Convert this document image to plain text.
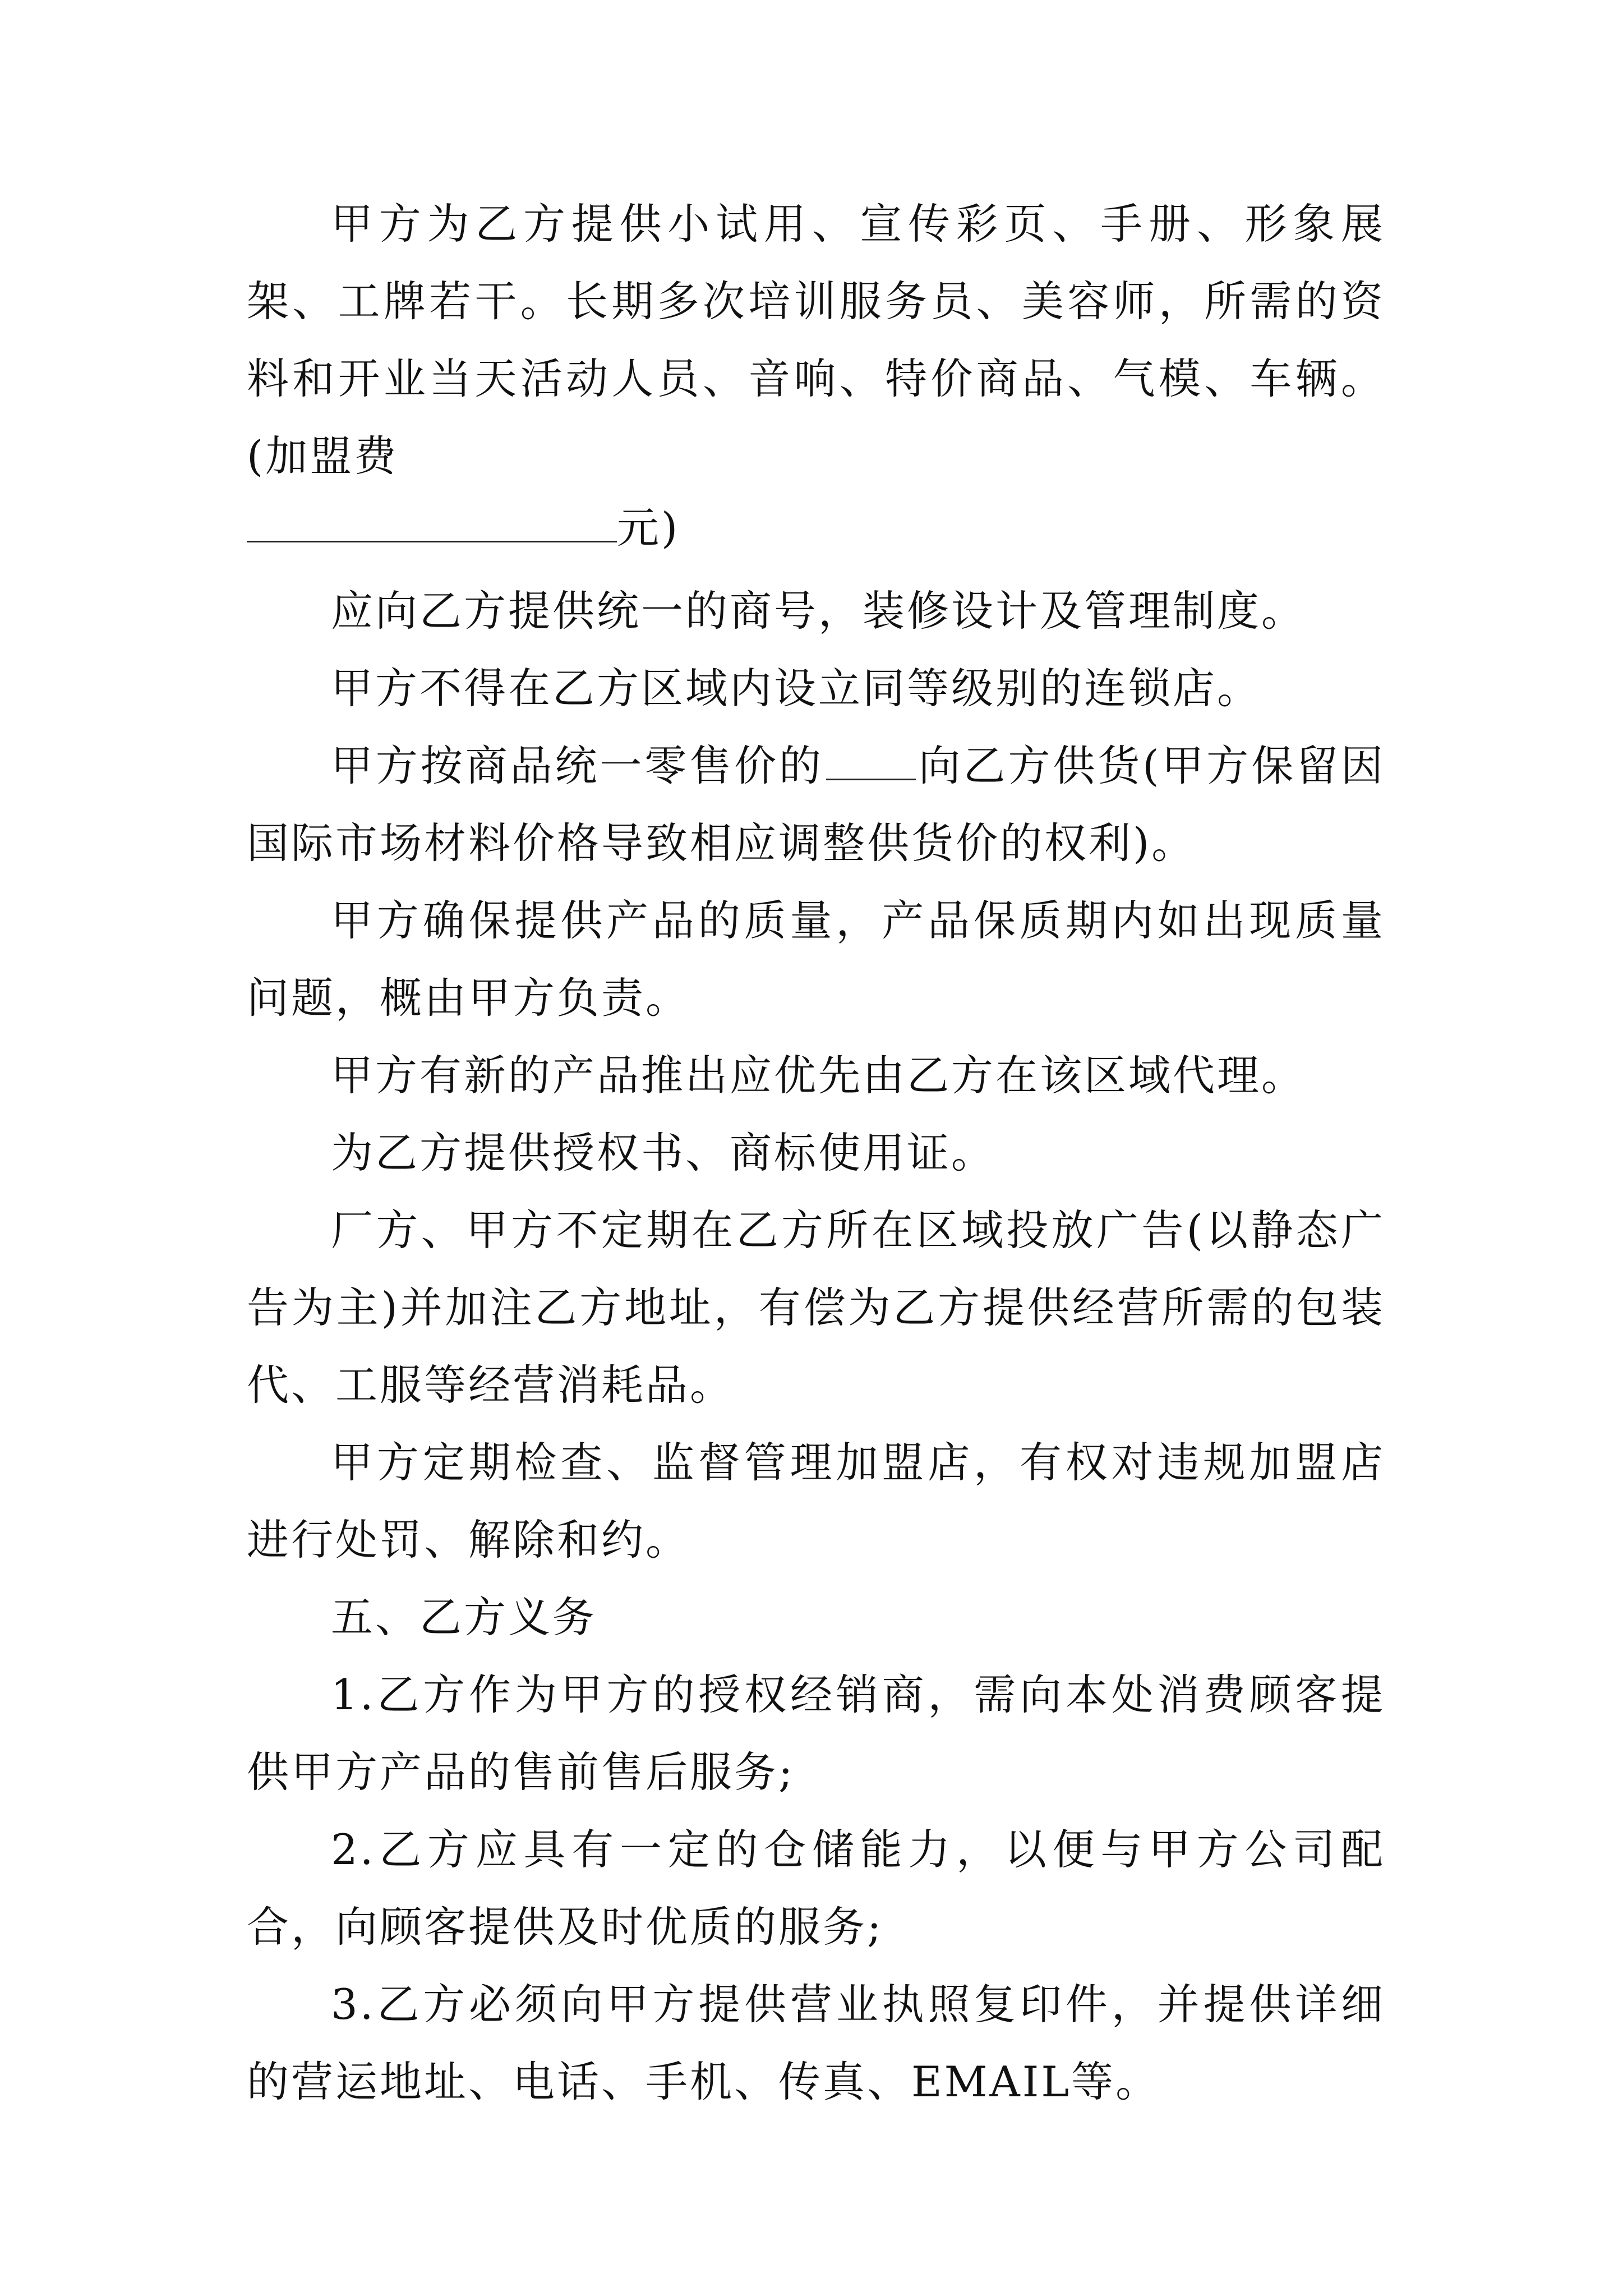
甲方为乙方提供小试用、宣传彩页、手册、形象展架、工牌若干。长期多次培训服务员、美容师，所需的资料和开业当天活动人员、音响、特价商品、气模、车辆。(加盟费

元)

应向乙方提供统一的商号，装修设计及管理制度。

甲方不得在乙方区域内设立同等级别的连锁店。

甲方按商品统一零售价的 向乙方供货(甲方保留因国际市场材料价格导致相应调整供货价的权利)。

甲方确保提供产品的质量，产品保质期内如出现质量问题，概由甲方负责。

甲方有新的产品推出应优先由乙方在该区域代理。

为乙方提供授权书、商标使用证。

厂方、甲方不定期在乙方所在区域投放广告(以静态广告为主)并加注乙方地址，有偿为乙方提供经营所需的包装代、工服等经营消耗品。

甲方定期检查、监督管理加盟店，有权对违规加盟店进行处罚、解除和约。

五、乙方义务

1.乙方作为甲方的授权经销商，需向本处消费顾客提供甲方产品的售前售后服务;

2.乙方应具有一定的仓储能力，以便与甲方公司配合，向顾客提供及时优质的服务;

3.乙方必须向甲方提供营业执照复印件，并提供详细的营运地址、电话、手机、传真、EMAIL等。
